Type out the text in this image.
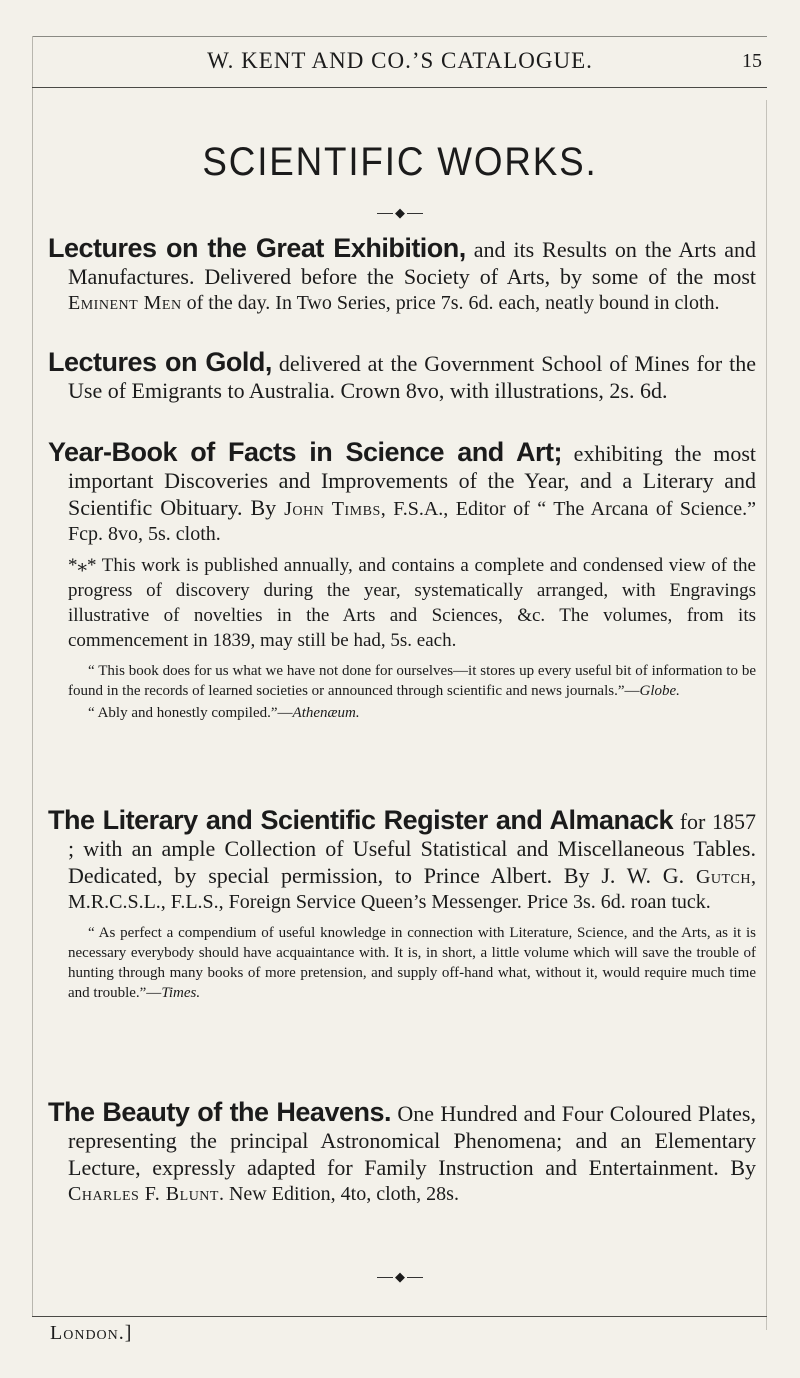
W. KENT AND CO.’S CATALOGUE.	15
SCIENTIFIC WORKS.
◆

Lectures on the Great Exhibition, and its Results on the Arts and Manufactures. Delivered before the Society of Arts, by some of the most Eminent Men of the day. In Two Series, price 7s. 6d. each, neatly bound in cloth.

Lectures on Gold, delivered at the Government School of Mines for the Use of Emigrants to Australia. Crown 8vo, with illustrations, 2s. 6d.

Year-Book of Facts in Science and Art; exhibiting the most important Discoveries and Improvements of the Year, and a Literary and Scientific Obituary. By John Timbs, F.S.A., Editor of “ The Arcana of Science.” Fcp. 8vo, 5s. cloth.

*⁎* This work is published annually, and contains a complete and condensed view of the progress of discovery during the year, systematically arranged, with Engravings illustrative of novelties in the Arts and Sciences, &c. The volumes, from its commencement in 1839, may still be had, 5s. each.

“ This book does for us what we have not done for ourselves—it stores up every useful bit of information to be found in the records of learned societies or announced through scientific and news journals.”—Globe.

“ Ably and honestly compiled.”—Athenæum.

The Literary and Scientific Register and Almanack for 1857 ; with an ample Collection of Useful Statistical and Miscellaneous Tables. Dedicated, by special permission, to Prince Albert. By J. W. G. Gutch, M.R.C.S.L., F.L.S., Foreign Service Queen’s Messenger. Price 3s. 6d. roan tuck.

“ As perfect a compendium of useful knowledge in connection with Literature, Science, and the Arts, as it is necessary everybody should have acquaintance with. It is, in short, a little volume which will save the trouble of hunting through many books of more pretension, and supply off-hand what, without it, would require much time and trouble.”—Times.

The Beauty of the Heavens. One Hundred and Four Coloured Plates, representing the principal Astronomical Phenomena; and an Elementary Lecture, expressly adapted for Family Instruction and Entertainment. By Charles F. Blunt. New Edition, 4to, cloth, 28s.

◆
London.]
